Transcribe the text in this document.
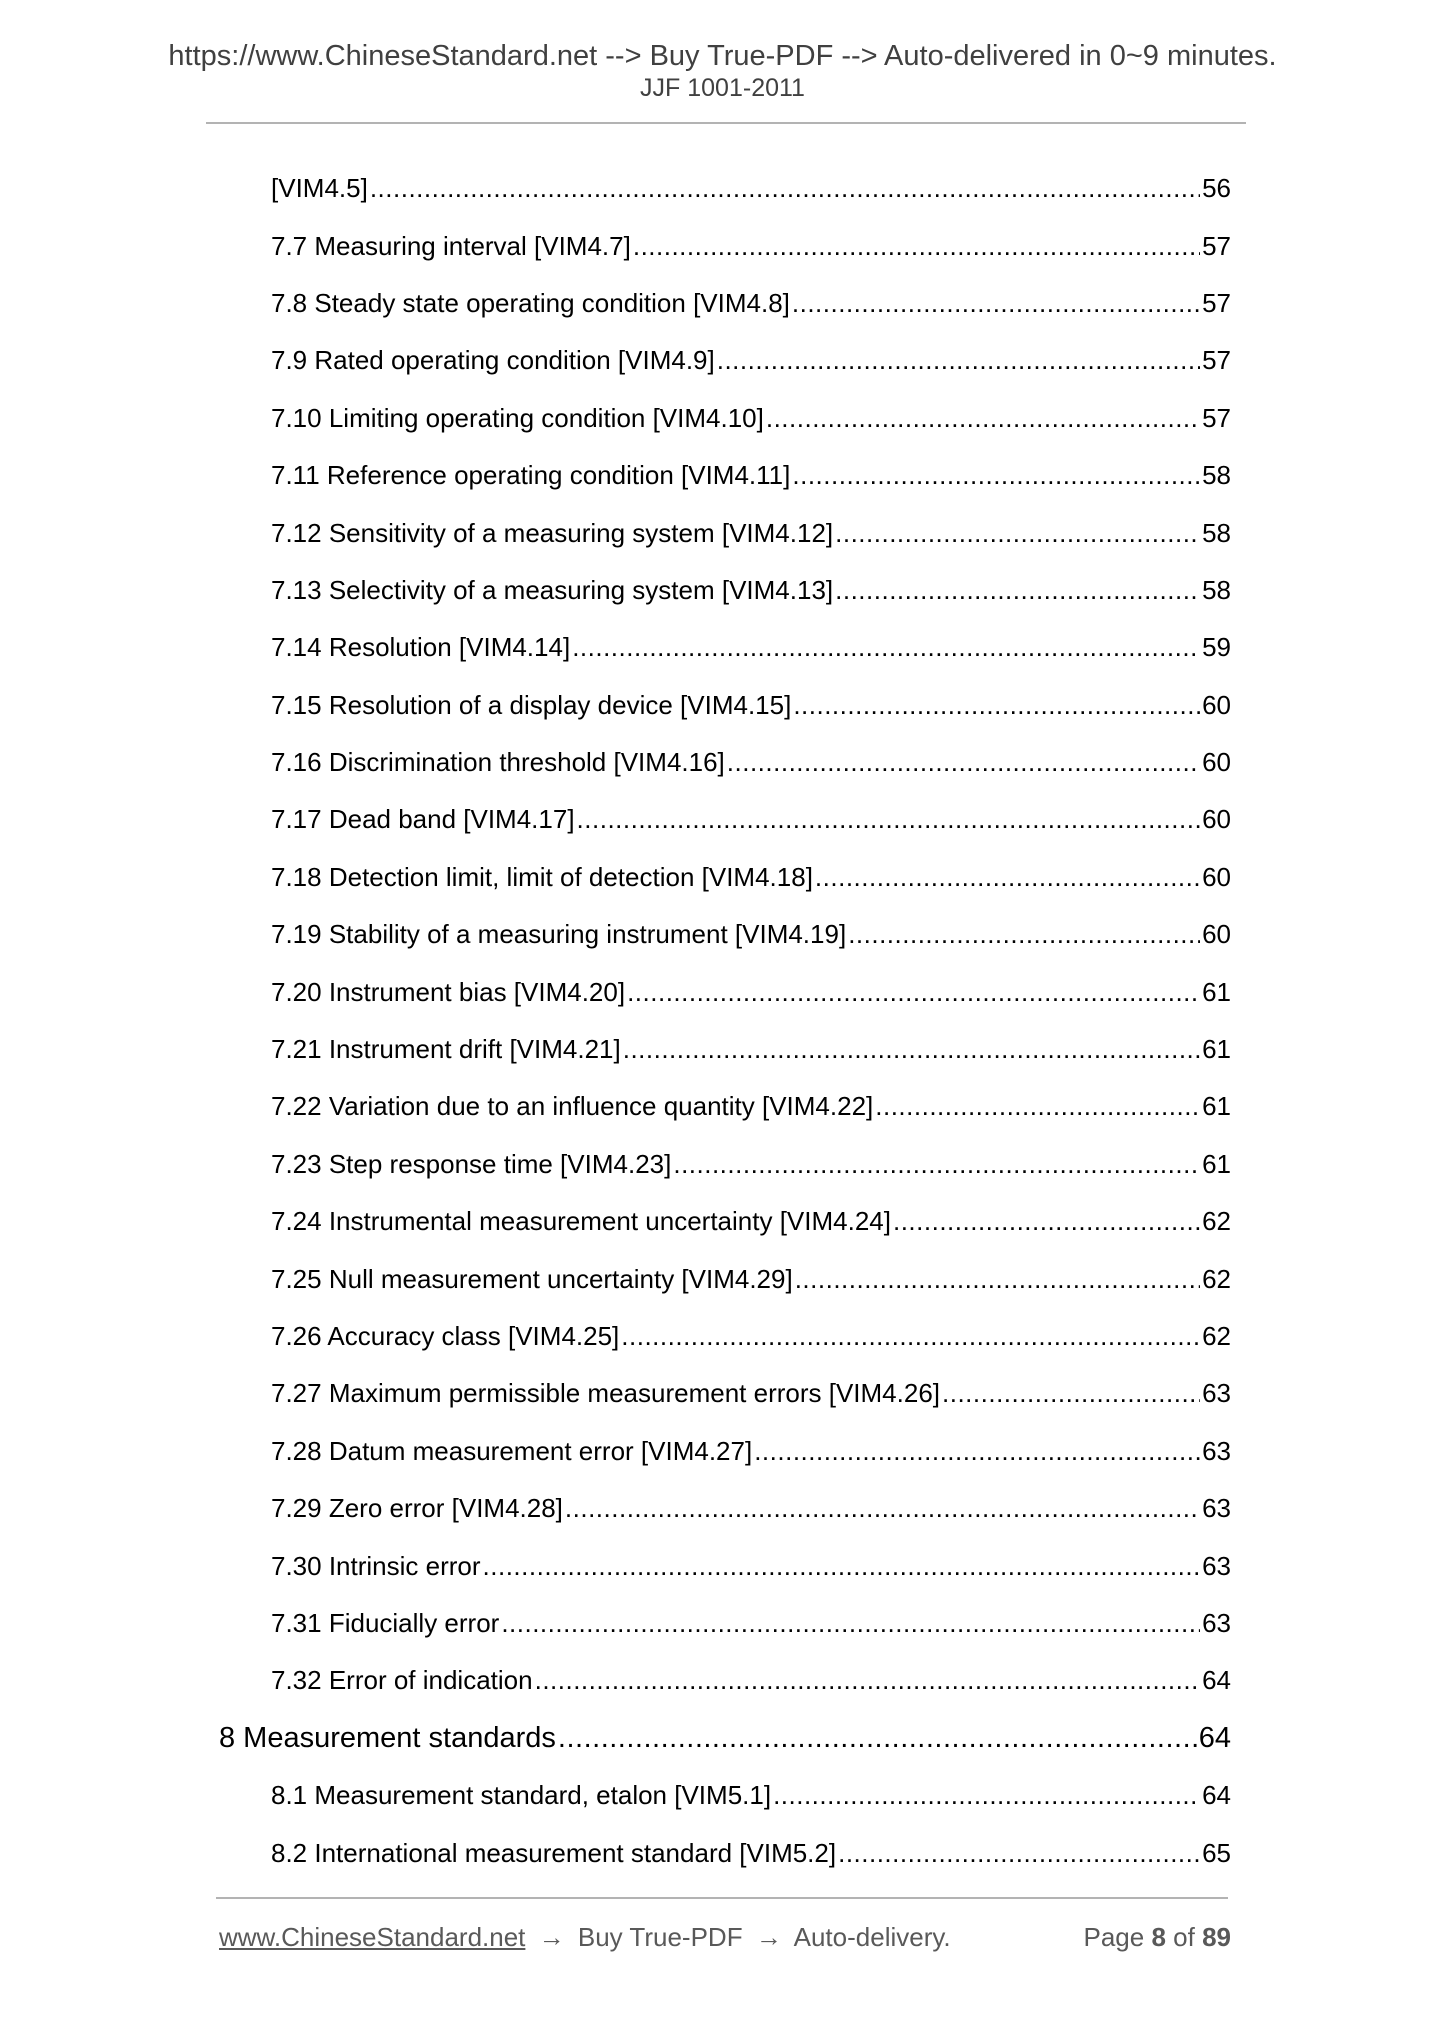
https://www.ChineseStandard.net --> Buy True-PDF --> Auto-delivered in 0~9 minutes.
JJF 1001-2011
[VIM4.5] .....	56
7.7 Measuring interval [VIM4.7] .....	57
7.8 Steady state operating condition [VIM4.8] .....	57
7.9 Rated operating condition [VIM4.9] .....	57
7.10 Limiting operating condition [VIM4.10] .....	57
7.11 Reference operating condition [VIM4.11] .....	58
7.12 Sensitivity of a measuring system [VIM4.12] .....	58
7.13 Selectivity of a measuring system [VIM4.13] .....	58
7.14 Resolution [VIM4.14] .....	59
7.15 Resolution of a display device [VIM4.15] .....	60
7.16 Discrimination threshold [VIM4.16] .....	60
7.17 Dead band [VIM4.17] .....	60
7.18 Detection limit, limit of detection [VIM4.18] .....	60
7.19 Stability of a measuring instrument [VIM4.19] .....	60
7.20 Instrument bias [VIM4.20] .....	61
7.21 Instrument drift [VIM4.21] .....	61
7.22 Variation due to an influence quantity [VIM4.22] .....	61
7.23 Step response time [VIM4.23] .....	61
7.24 Instrumental measurement uncertainty [VIM4.24] .....	62
7.25 Null measurement uncertainty [VIM4.29] .....	62
7.26 Accuracy class [VIM4.25] .....	62
7.27 Maximum permissible measurement errors [VIM4.26] .....	63
7.28 Datum measurement error [VIM4.27] .....	63
7.29 Zero error [VIM4.28] .....	63
7.30 Intrinsic error .....	63
7.31 Fiducially error .....	63
7.32 Error of indication .....	64
8 Measurement standards .....	64
8.1 Measurement standard, etalon [VIM5.1] .....	64
8.2 International measurement standard [VIM5.2] .....	65
www.ChineseStandard.net → Buy True-PDF → Auto-delivery.	Page 8 of 89
